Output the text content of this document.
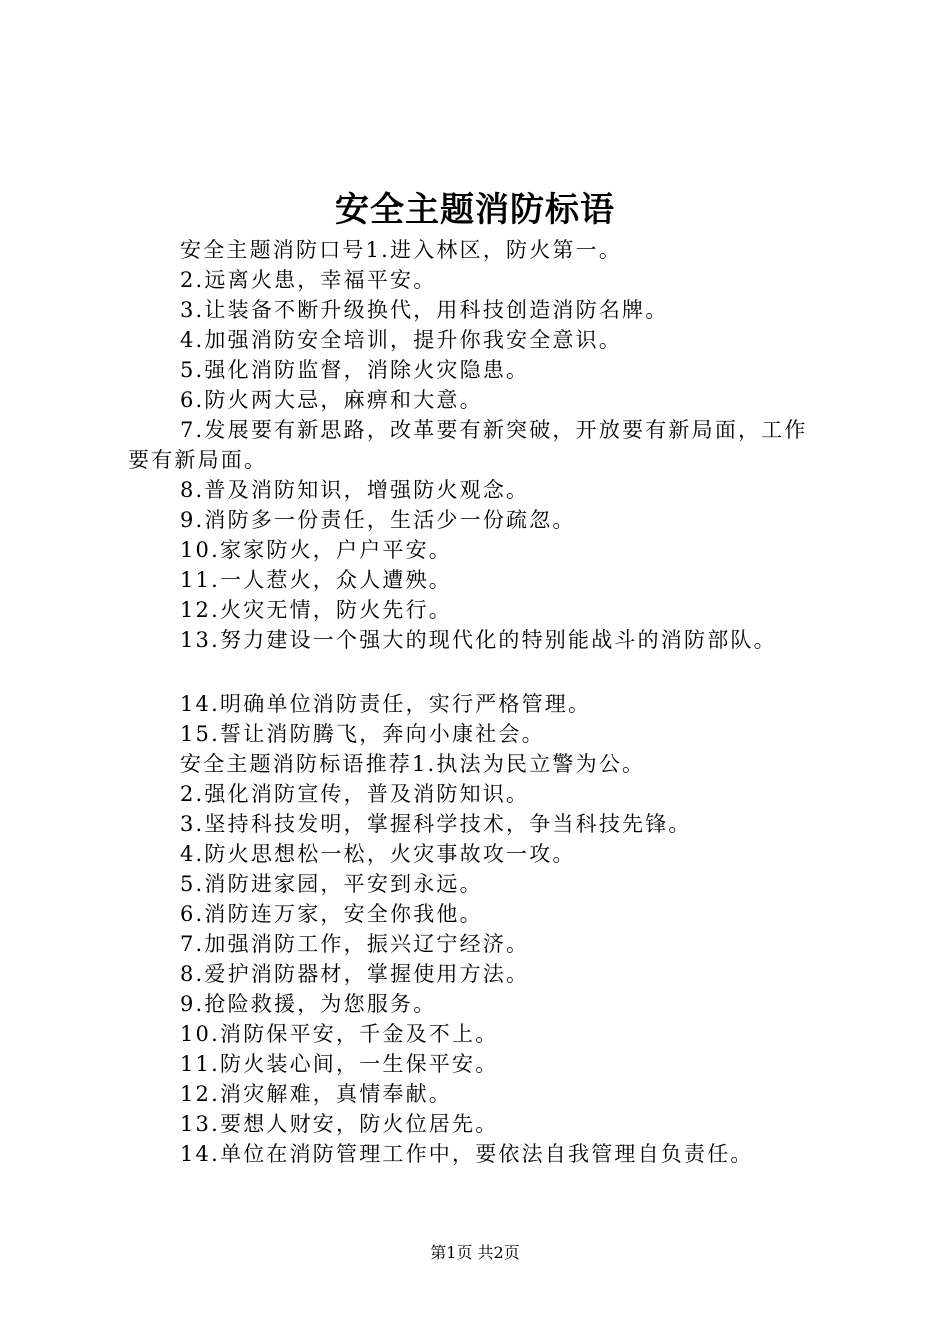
安全主题消防标语

安全主题消防口号1.进入林区，防火第一。

2.远离火患，幸福平安。

3.让装备不断升级换代，用科技创造消防名牌。

4.加强消防安全培训，提升你我安全意识。

5.强化消防监督，消除火灾隐患。

6.防火两大忌，麻痹和大意。

7.发展要有新思路，改革要有新突破，开放要有新局面，工作要有新局面。

8.普及消防知识，增强防火观念。

9.消防多一份责任，生活少一份疏忽。

10.家家防火，户户平安。

11.一人惹火，众人遭殃。

12.火灾无情，防火先行。

13.努力建设一个强大的现代化的特别能战斗的消防部队。

14.明确单位消防责任，实行严格管理。

15.誓让消防腾飞，奔向小康社会。

安全主题消防标语推荐1.执法为民立警为公。

2.强化消防宣传，普及消防知识。

3.坚持科技发明，掌握科学技术，争当科技先锋。

4.防火思想松一松，火灾事故攻一攻。

5.消防进家园，平安到永远。

6.消防连万家，安全你我他。

7.加强消防工作，振兴辽宁经济。

8.爱护消防器材，掌握使用方法。

9.抢险救援，为您服务。

10.消防保平安，千金及不上。

11.防火装心间，一生保平安。

12.消灾解难，真情奉献。

13.要想人财安，防火位居先。

14.单位在消防管理工作中，要依法自我管理自负责任。

第1页 共2页
